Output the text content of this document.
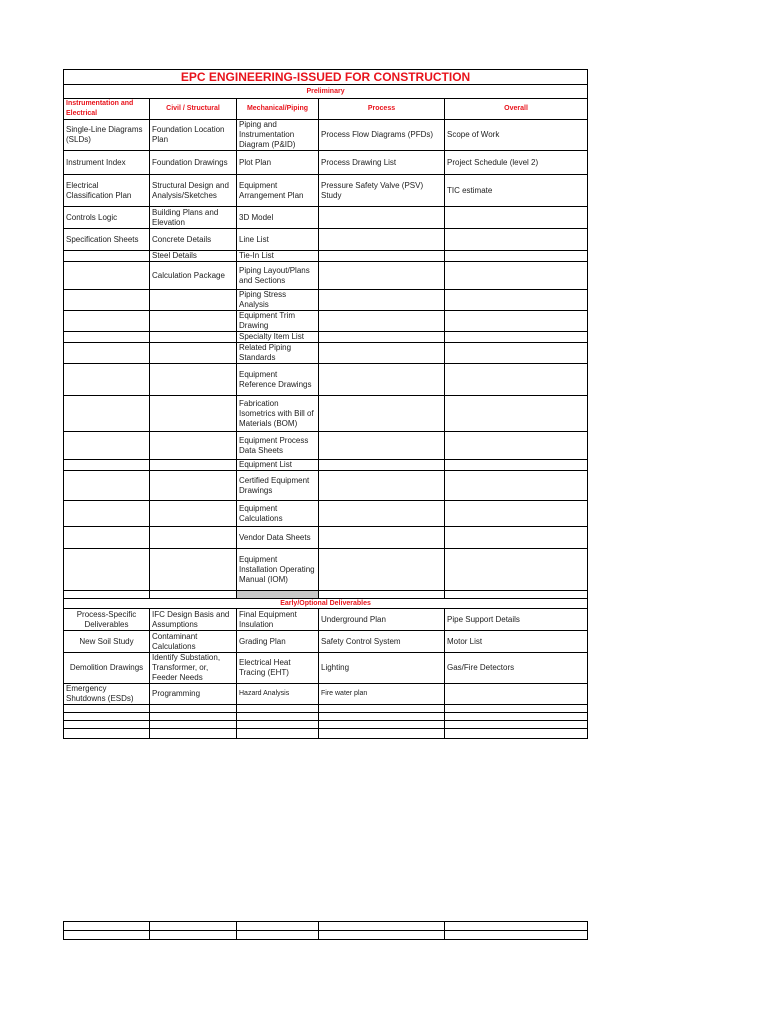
EPC ENGINEERING-ISSUED FOR CONSTRUCTION				
Preliminary				
Instrumentation and Electrical	Civil / Structural	Mechanical/Piping	Process	Overall
Single-Line Diagrams (SLDs)	Foundation Location Plan	Piping and Instrumentation Diagram (P&ID)	Process Flow Diagrams (PFDs)	Scope of Work
Instrument Index	Foundation Drawings	Plot Plan	Process Drawing List	Project Schedule (level 2)
Electrical Classification Plan	Structural Design and Analysis/Sketches	Equipment Arrangement Plan	Pressure Safety Valve (PSV) Study	TIC estimate
Controls Logic	Building Plans and Elevation	3D Model		
Specification Sheets	Concrete Details	Line List		
	Steel Details	Tie-In List		
	Calculation Package	Piping Layout/Plans and Sections		
		Piping Stress Analysis		
		Equipment Trim Drawing		
		Specialty Item List		
		Related Piping Standards		
		Equipment Reference Drawings		
		Fabrication Isometrics with Bill of Materials (BOM)		
		Equipment Process Data Sheets		
		Equipment List		
		Certified Equipment Drawings		
		Equipment Calculations		
		Vendor Data Sheets		
		Equipment Installation Operating Manual (IOM)		

Early/Optional Deliverables				
Process-Specific Deliverables	IFC Design Basis and Assumptions	Final Equipment Insulation	Underground Plan	Pipe Support Details
New Soil Study	Contaminant Calculations	Grading Plan	Safety Control System	Motor List
Demolition Drawings	Identify Substation, Transformer, or, Feeder Needs	Electrical Heat Tracing (EHT)	Lighting	Gas/Fire Detectors
Emergency Shutdowns (ESDs)	Programming	Hazard Analysis	Fire water plan	
